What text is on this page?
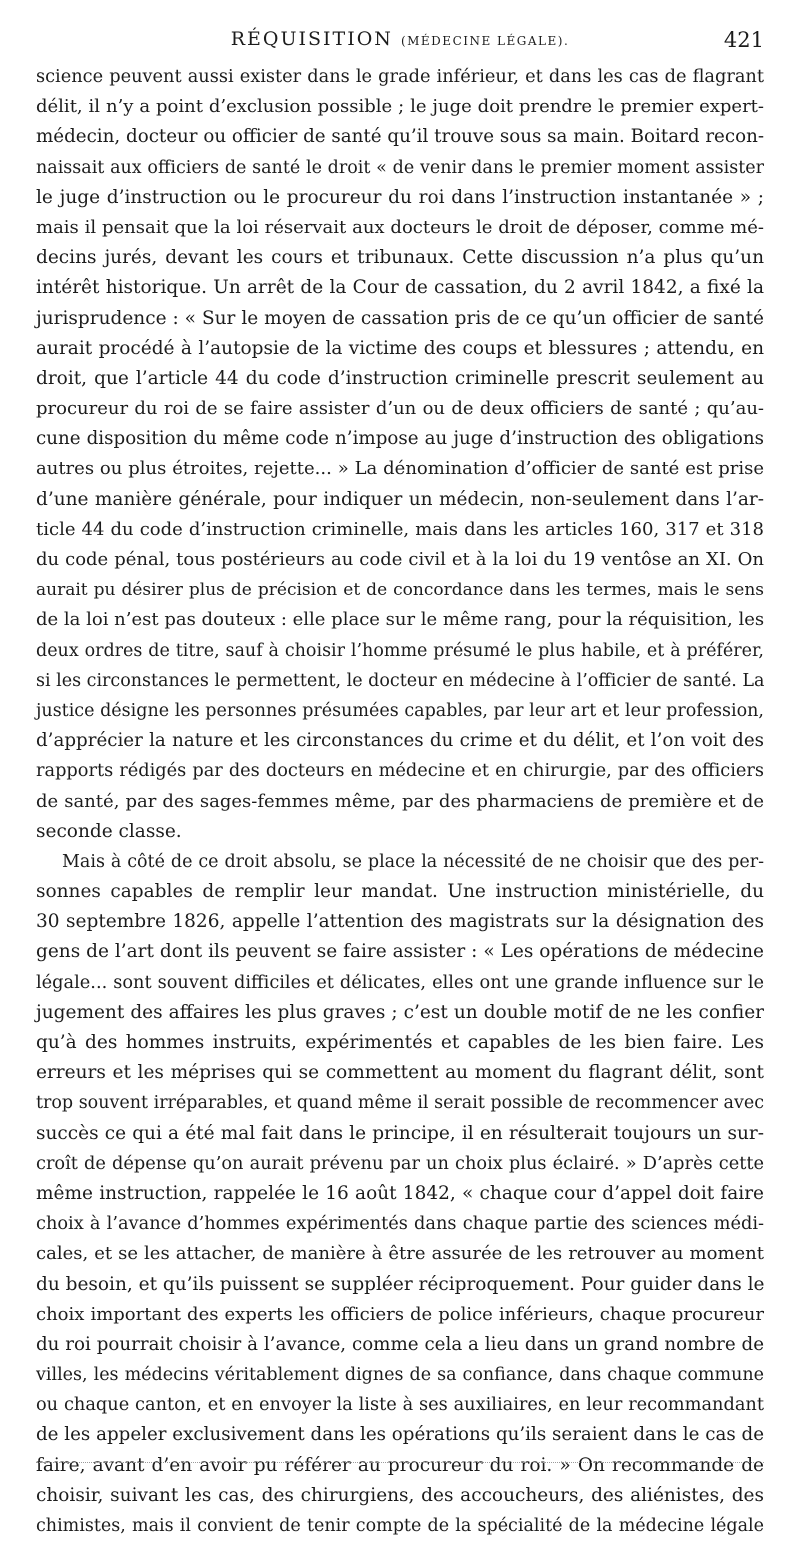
RÉQUISITION (MÉDECINE LÉGALE).	421

science peuvent aussi exister dans le grade inférieur, et dans les cas de flagrant
délit, il n’y a point d’exclusion possible ; le juge doit prendre le premier expert-
médecin, docteur ou officier de santé qu’il trouve sous sa main. Boitard recon-
naissait aux officiers de santé le droit « de venir dans le premier moment assister
le juge d’instruction ou le procureur du roi dans l’instruction instantanée » ;
mais il pensait que la loi réservait aux docteurs le droit de déposer, comme mé-
decins jurés, devant les cours et tribunaux. Cette discussion n’a plus qu’un
intérêt historique. Un arrêt de la Cour de cassation, du 2 avril 1842, a fixé la
jurisprudence : « Sur le moyen de cassation pris de ce qu’un officier de santé
aurait procédé à l’autopsie de la victime des coups et blessures ; attendu, en
droit, que l’article 44 du code d’instruction criminelle prescrit seulement au
procureur du roi de se faire assister d’un ou de deux officiers de santé ; qu’au-
cune disposition du même code n’impose au juge d’instruction des obligations
autres ou plus étroites, rejette... » La dénomination d’officier de santé est prise
d’une manière générale, pour indiquer un médecin, non-seulement dans l’ar-
ticle 44 du code d’instruction criminelle, mais dans les articles 160, 317 et 318
du code pénal, tous postérieurs au code civil et à la loi du 19 ventôse an XI. On
aurait pu désirer plus de précision et de concordance dans les termes, mais le sens
de la loi n’est pas douteux : elle place sur le même rang, pour la réquisition, les
deux ordres de titre, sauf à choisir l’homme présumé le plus habile, et à préférer,
si les circonstances le permettent, le docteur en médecine à l’officier de santé. La
justice désigne les personnes présumées capables, par leur art et leur profession,
d’apprécier la nature et les circonstances du crime et du délit, et l’on voit des
rapports rédigés par des docteurs en médecine et en chirurgie, par des officiers
de santé, par des sages-femmes même, par des pharmaciens de première et de
seconde classe.

Mais à côté de ce droit absolu, se place la nécessité de ne choisir que des per-
sonnes capables de remplir leur mandat. Une instruction ministérielle, du
30 septembre 1826, appelle l’attention des magistrats sur la désignation des
gens de l’art dont ils peuvent se faire assister : « Les opérations de médecine
légale... sont souvent difficiles et délicates, elles ont une grande influence sur le
jugement des affaires les plus graves ; c’est un double motif de ne les confier
qu’à des hommes instruits, expérimentés et capables de les bien faire. Les
erreurs et les méprises qui se commettent au moment du flagrant délit, sont
trop souvent irréparables, et quand même il serait possible de recommencer avec
succès ce qui a été mal fait dans le principe, il en résulterait toujours un sur-
croît de dépense qu’on aurait prévenu par un choix plus éclairé. » D’après cette
même instruction, rappelée le 16 août 1842, « chaque cour d’appel doit faire
choix à l’avance d’hommes expérimentés dans chaque partie des sciences médi-
cales, et se les attacher, de manière à être assurée de les retrouver au moment
du besoin, et qu’ils puissent se suppléer réciproquement. Pour guider dans le
choix important des experts les officiers de police inférieurs, chaque procureur
du roi pourrait choisir à l’avance, comme cela a lieu dans un grand nombre de
villes, les médecins véritablement dignes de sa confiance, dans chaque commune
ou chaque canton, et en envoyer la liste à ses auxiliaires, en leur recommandant
de les appeler exclusivement dans les opérations qu’ils seraient dans le cas de
faire, avant d’en avoir pu référer au procureur du roi. » On recommande de
choisir, suivant les cas, des chirurgiens, des accoucheurs, des aliénistes, des
chimistes, mais il convient de tenir compte de la spécialité de la médecine légale
